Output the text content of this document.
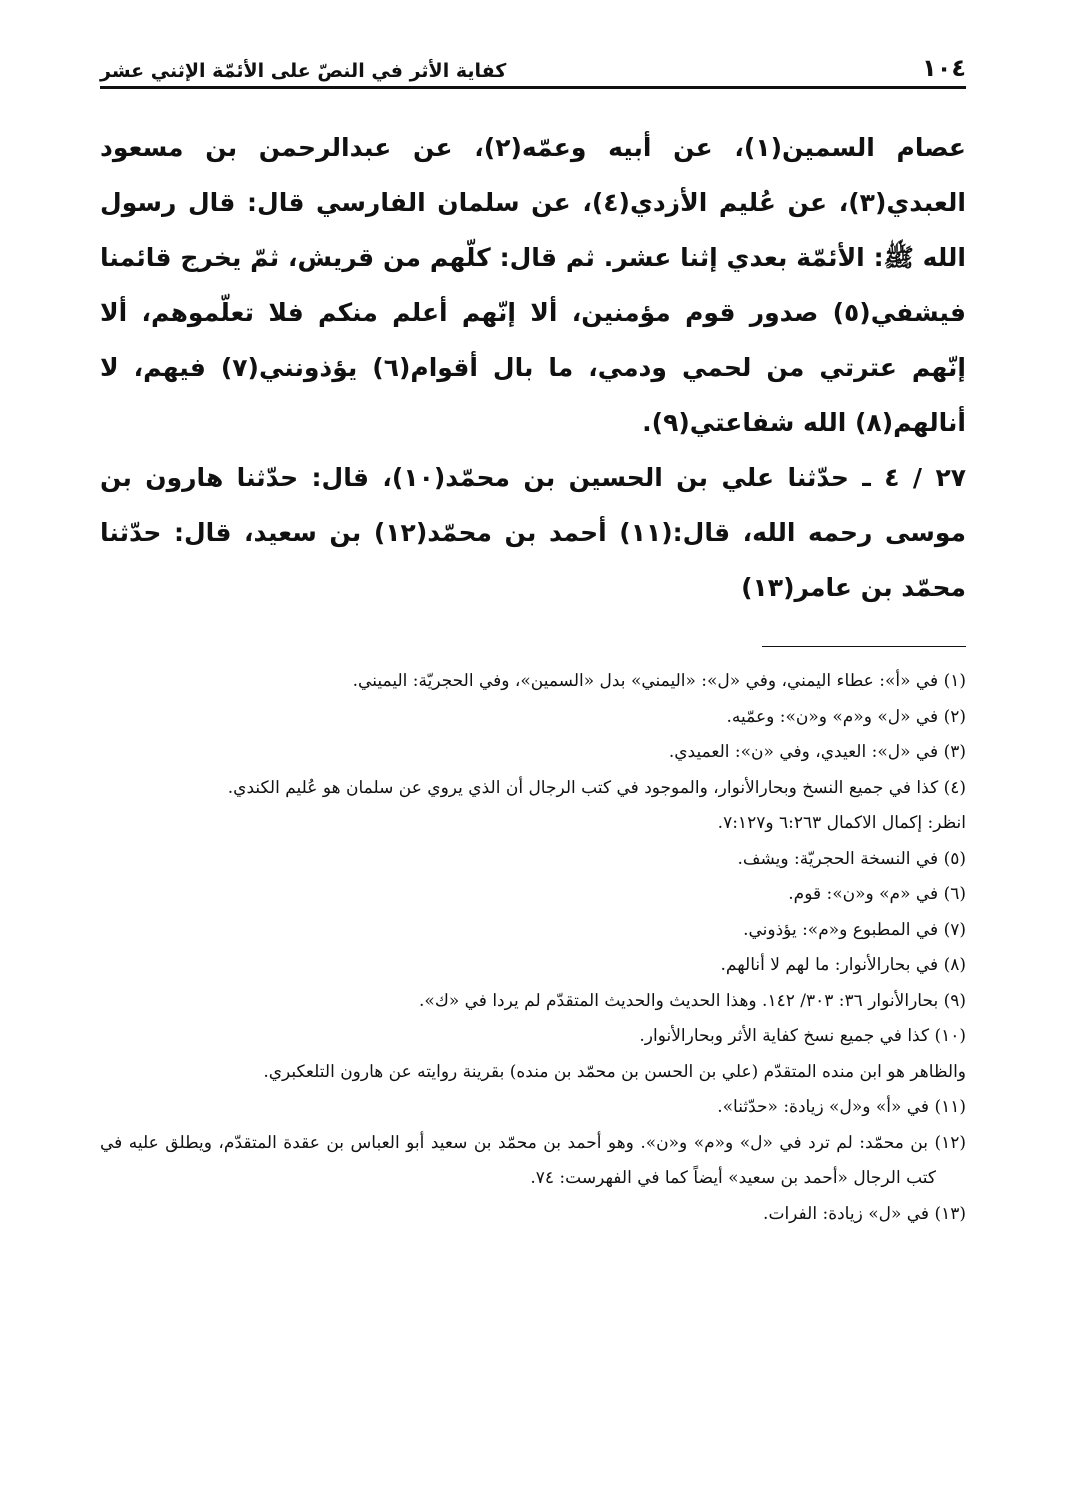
١٠٤
كفاية الأثر في النصّ على الأئمّة الإثني عشر

عصام السمين(١)، عن أبيه وعمّه(٢)، عن عبدالرحمن بن مسعود العبدي(٣)، عن عُليم الأزدي(٤)، عن سلمان الفارسي قال: قال رسول الله ﷺ: الأئمّة بعدي إثنا عشر. ثم قال: كلّهم من قريش، ثمّ يخرج قائمنا فيشفي(٥) صدور قوم مؤمنين، ألا إنّهم أعلم منكم فلا تعلّموهم، ألا إنّهم عترتي من لحمي ودمي، ما بال أقوام(٦) يؤذونني(٧) فيهم، لا أنالهم(٨) الله شفاعتي(٩).

٢٧ / ٤ ـ حدّثنا علي بن الحسين بن محمّد(١٠)، قال: حدّثنا هارون بن موسى رحمه الله، قال:(١١) أحمد بن محمّد(١٢) بن سعيد، قال: حدّثنا محمّد بن عامر(١٣)

(١) في «أ»: عطاء اليمني، وفي «ل»: «اليمني» بدل «السمين»، وفي الحجريّة: اليميني.

(٢) في «ل» و«م» و«ن»: وعمّيه.

(٣) في «ل»: العيدي، وفي «ن»: العميدي.

(٤) كذا في جميع النسخ وبحارالأنوار، والموجود في كتب الرجال أن الذي يروي عن سلمان هو عُليم الكندي.

انظر: إكمال الاكمال ٦:٢٦٣ و٧:١٢٧.

(٥) في النسخة الحجريّة: ويشف.

(٦) في «م» و«ن»: قوم.

(٧) في المطبوع و«م»: يؤذوني.

(٨) في بحارالأنوار: ما لهم لا أنالهم.

(٩) بحارالأنوار ٣٦: ٣٠٣/ ١٤٢. وهذا الحديث والحديث المتقدّم لم يردا في «ك».

(١٠) كذا في جميع نسخ كفاية الأثر وبحارالأنوار.

والظاهر هو ابن منده المتقدّم (علي بن الحسن بن محمّد بن منده) بقرينة روايته عن هارون التلعكبري.

(١١) في «أ» و«ل» زيادة: «حدّثنا».

(١٢) بن محمّد: لم ترد في «ل» و«م» و«ن». وهو أحمد بن محمّد بن سعيد أبو العباس بن عقدة المتقدّم، ويطلق عليه في كتب الرجال «أحمد بن سعيد» أيضاً كما في الفهرست: ٧٤.

(١٣) في «ل» زيادة: الفرات.
